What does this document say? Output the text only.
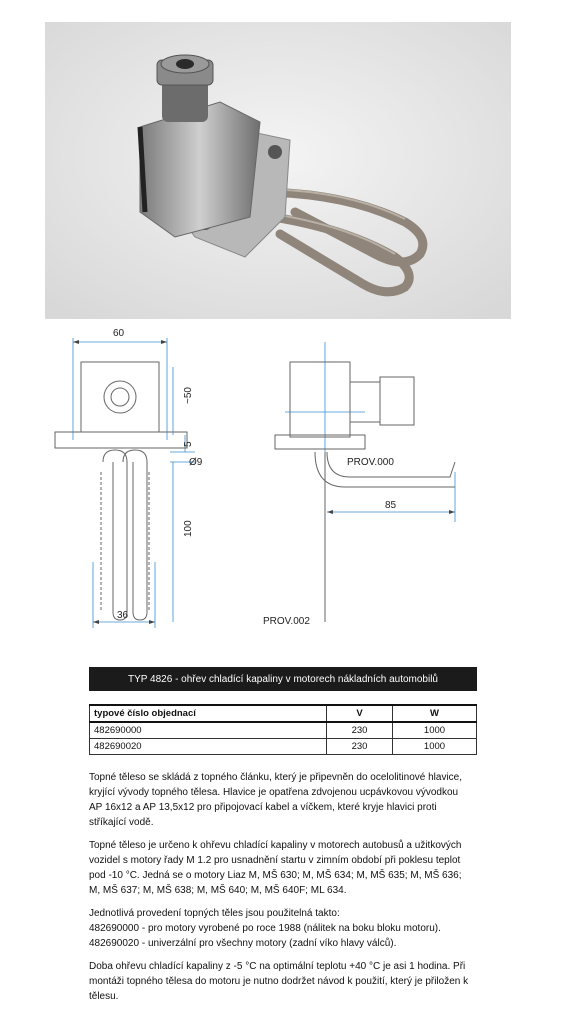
60
~50
5
Ø9
100
36
85
PROV.000
PROV.002
TYP 4826 - ohřev chladící kapaliny v motorech nákladních automobilů
typové číslo objednací	V	W
482690000	230	1000
482690020	230	1000

Topné těleso se skládá z topného článku, který je připevněn do ocelolitinové hlavice,
kryjící vývody topného tělesa. Hlavice je opatřena zdvojenou ucpávkovou vývodkou
AP 16x12 a AP 13,5x12 pro připojovací kabel a víčkem, které kryje hlavici proti
stříkající vodě.

Topné těleso je určeno k ohřevu chladící kapaliny v motorech autobusů a užitkových
vozidel s motory řady M 1.2 pro usnadnění startu v zimním období při poklesu teplot
pod -10 °C. Jedná se o motory Liaz M, MŠ 630; M, MŠ 634; M, MŠ 635; M, MŠ 636;
M, MŠ 637; M, MŠ 638; M, MŠ 640; M, MŠ 640F; ML 634.

Jednotlivá provedení topných těles jsou použitelná takto:
482690000 - pro motory vyrobené po roce 1988 (nálitek na boku bloku motoru).
482690020 - univerzální pro všechny motory (zadní víko hlavy válců).

Doba ohřevu chladící kapaliny z -5 °C na optimální teplotu +40 °C je asi 1 hodina. Při
montáži topného tělesa do motoru je nutno dodržet návod k použití, který je přiložen k
tělesu.
